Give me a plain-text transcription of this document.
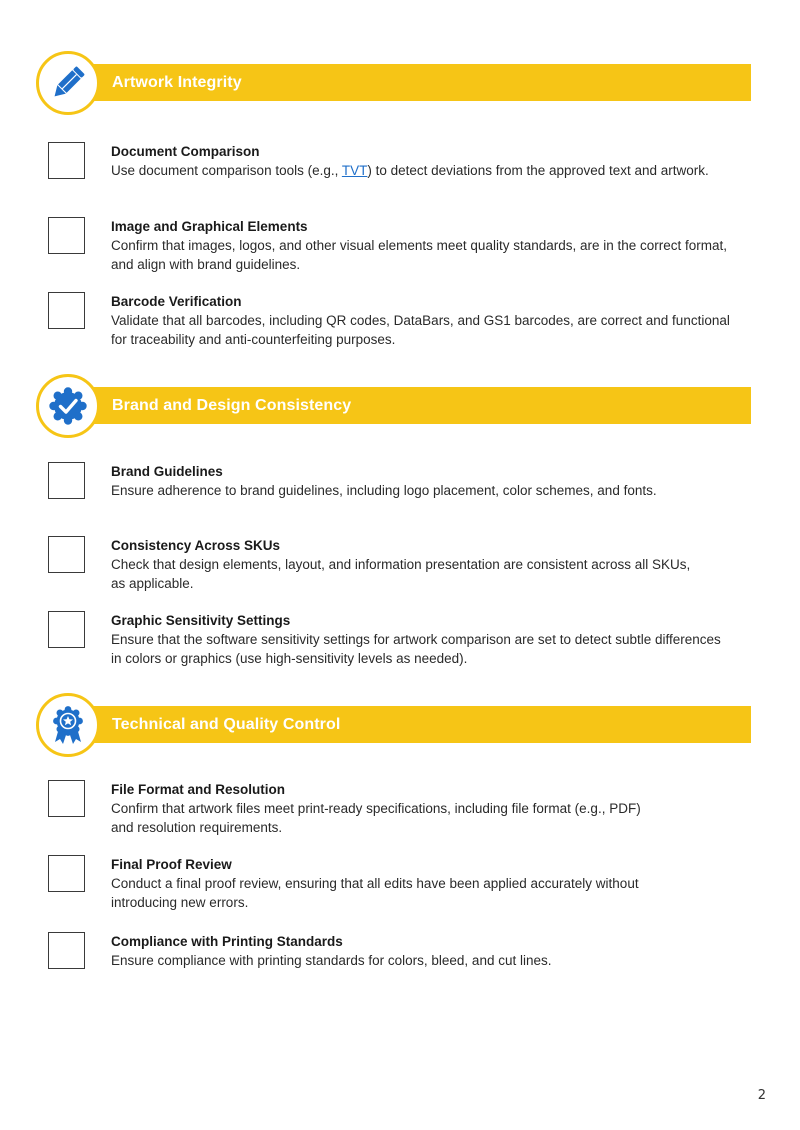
Artwork Integrity
Document Comparison
Use document comparison tools (e.g., TVT) to detect deviations from the approved text and artwork.
Image and Graphical Elements
Confirm that images, logos, and other visual elements meet quality standards, are in the correct format,
and align with brand guidelines.
Barcode Verification
Validate that all barcodes, including QR codes, DataBars, and GS1 barcodes, are correct and functional
for traceability and anti-counterfeiting purposes.
Brand and Design Consistency
Brand Guidelines
Ensure adherence to brand guidelines, including logo placement, color schemes, and fonts.
Consistency Across SKUs
Check that design elements, layout, and information presentation are consistent across all SKUs,
as applicable.
Graphic Sensitivity Settings
Ensure that the software sensitivity settings for artwork comparison are set to detect subtle differences
in colors or graphics (use high-sensitivity levels as needed).
Technical and Quality Control
File Format and Resolution
Confirm that artwork files meet print-ready specifications, including file format (e.g., PDF)
and resolution requirements.
Final Proof Review
Conduct a final proof review, ensuring that all edits have been applied accurately without
introducing new errors.
Compliance with Printing Standards
Ensure compliance with printing standards for colors, bleed, and cut lines.
2
